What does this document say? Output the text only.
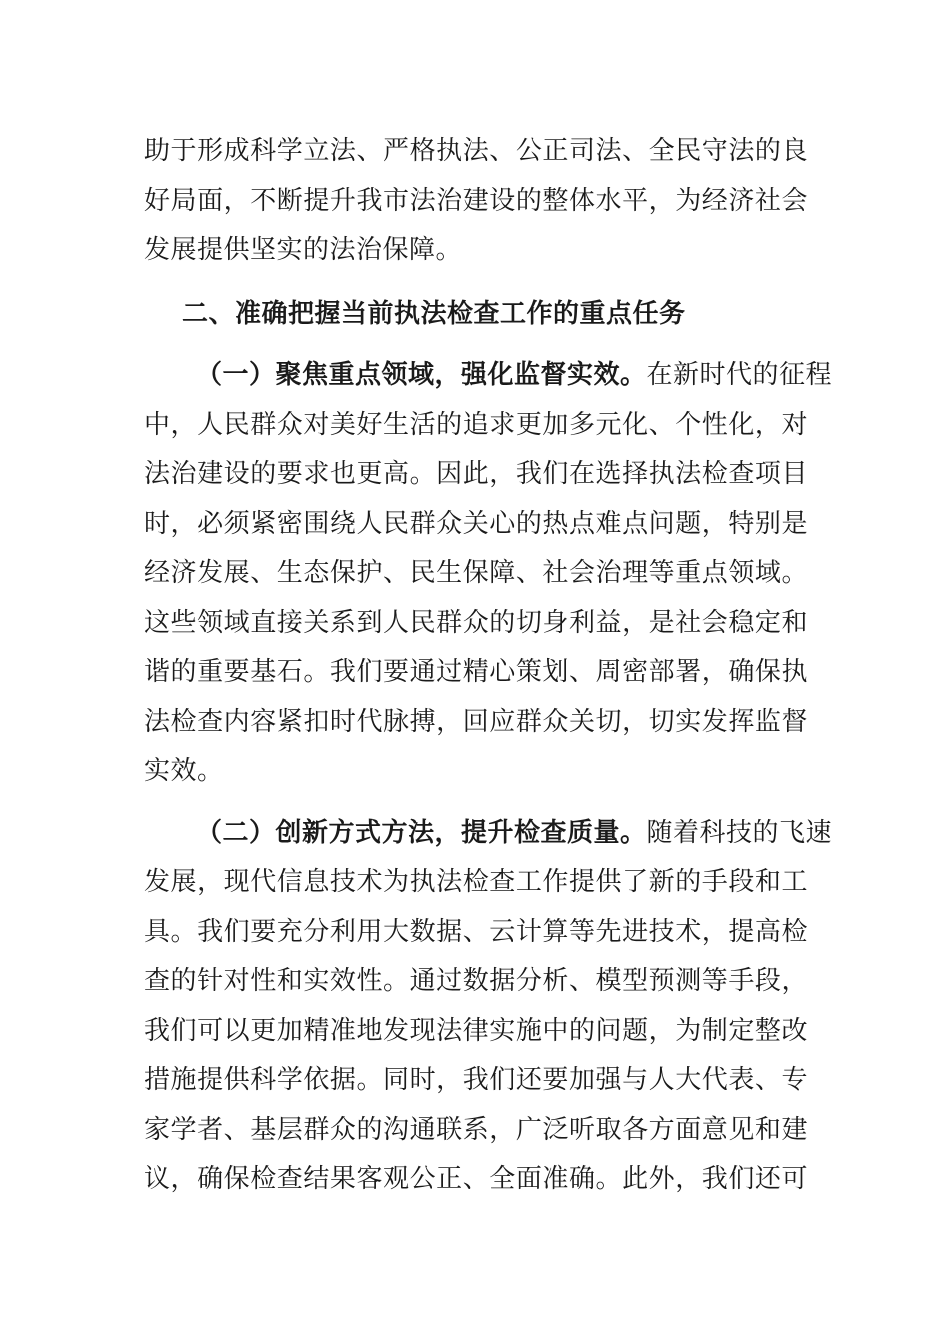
助于形成科学立法、严格执法、公正司法、全民守法的良
好局面，不断提升我市法治建设的整体水平，为经济社会
发展提供坚实的法治保障。
二、准确把握当前执法检查工作的重点任务
（一）聚焦重点领域，强化监督实效。在新时代的征程
中，人民群众对美好生活的追求更加多元化、个性化，对
法治建设的要求也更高。因此，我们在选择执法检查项目
时，必须紧密围绕人民群众关心的热点难点问题，特别是
经济发展、生态保护、民生保障、社会治理等重点领域。
这些领域直接关系到人民群众的切身利益，是社会稳定和
谐的重要基石。我们要通过精心策划、周密部署，确保执
法检查内容紧扣时代脉搏，回应群众关切，切实发挥监督
实效。
（二）创新方式方法，提升检查质量。随着科技的飞速
发展，现代信息技术为执法检查工作提供了新的手段和工
具。我们要充分利用大数据、云计算等先进技术，提高检
查的针对性和实效性。通过数据分析、模型预测等手段，
我们可以更加精准地发现法律实施中的问题，为制定整改
措施提供科学依据。同时，我们还要加强与人大代表、专
家学者、基层群众的沟通联系，广泛听取各方面意见和建
议，确保检查结果客观公正、全面准确。此外，我们还可
